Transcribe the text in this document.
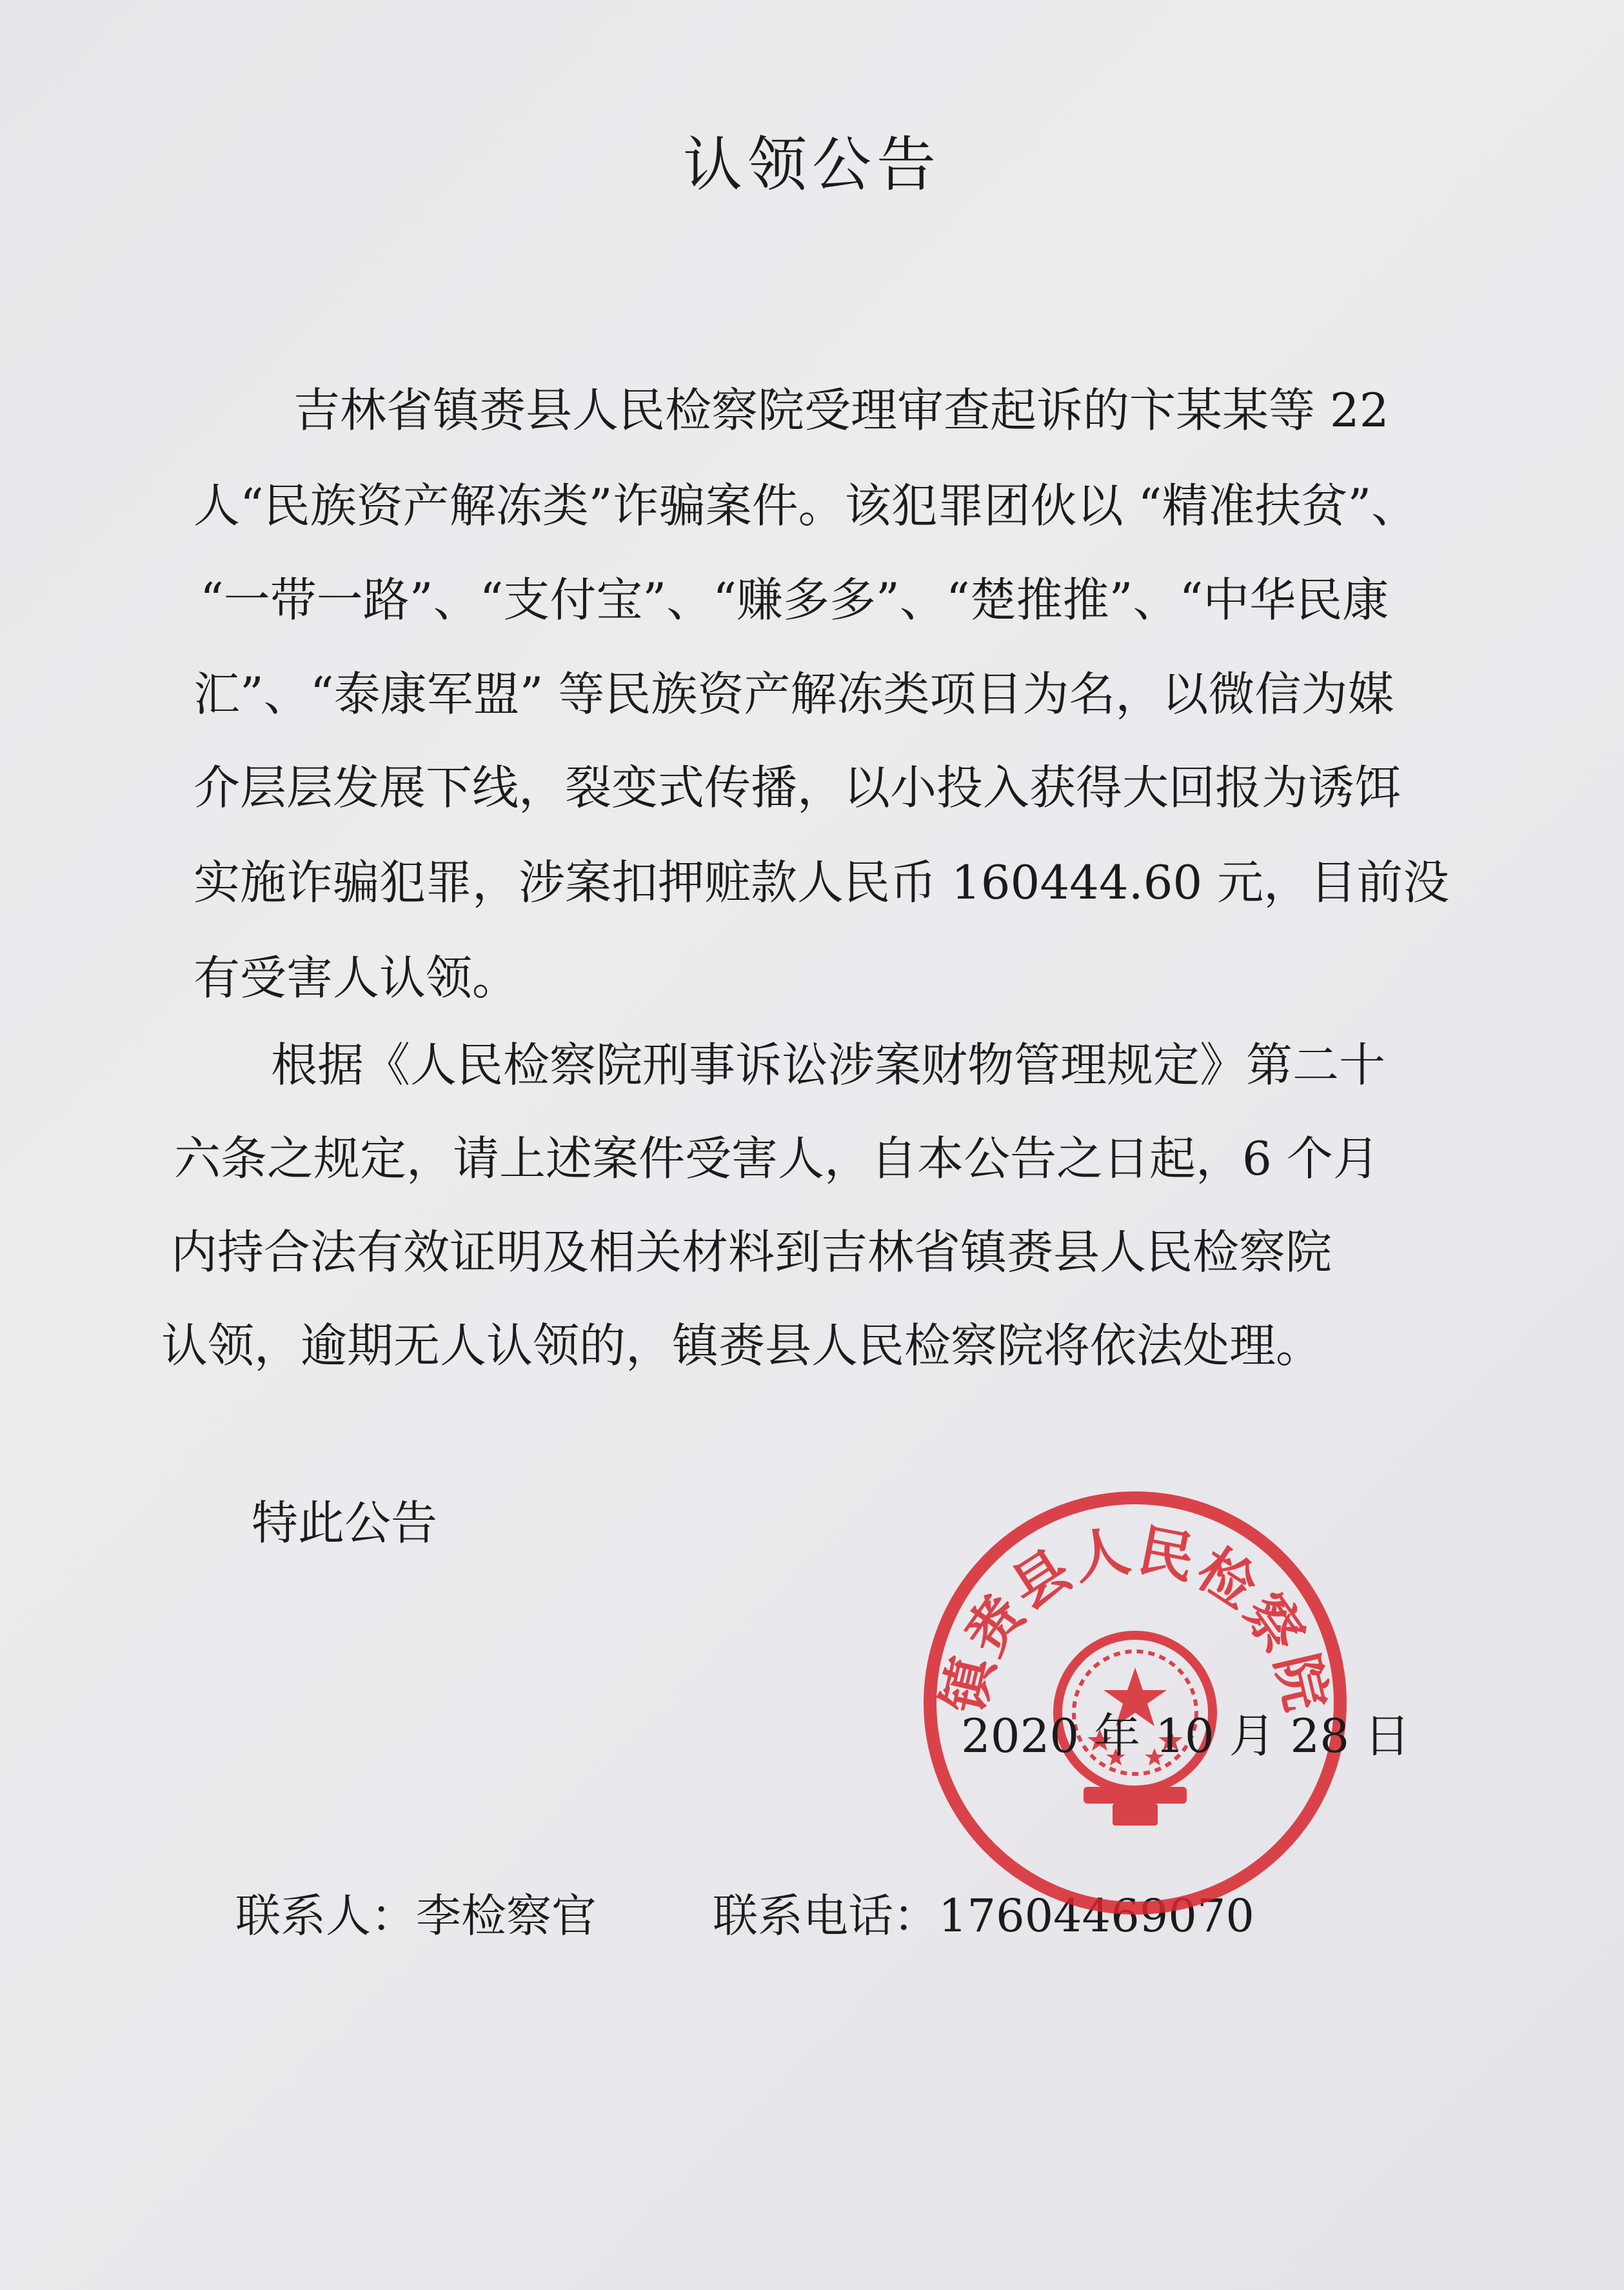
认领公告
吉林省镇赉县人民检察院受理审查起诉的卞某某等 22
人“民族资产解冻类”诈骗案件。该犯罪团伙以 “精准扶贫”、
“一带一路”、“支付宝”、“赚多多”、“楚推推”、“中华民康
汇”、“泰康军盟” 等民族资产解冻类项目为名，以微信为媒
介层层发展下线，裂变式传播，以小投入获得大回报为诱饵
实施诈骗犯罪，涉案扣押赃款人民币 160444.60 元，目前没
有受害人认领。
根据《人民检察院刑事诉讼涉案财物管理规定》第二十
六条之规定，请上述案件受害人，自本公告之日起，6 个月
内持合法有效证明及相关材料到吉林省镇赉县人民检察院
认领，逾期无人认领的，镇赉县人民检察院将依法处理。
特此公告
镇赉县人民检察院
2020 年 10 月 28 日
联系人：李检察官	联系电话：17604469070
